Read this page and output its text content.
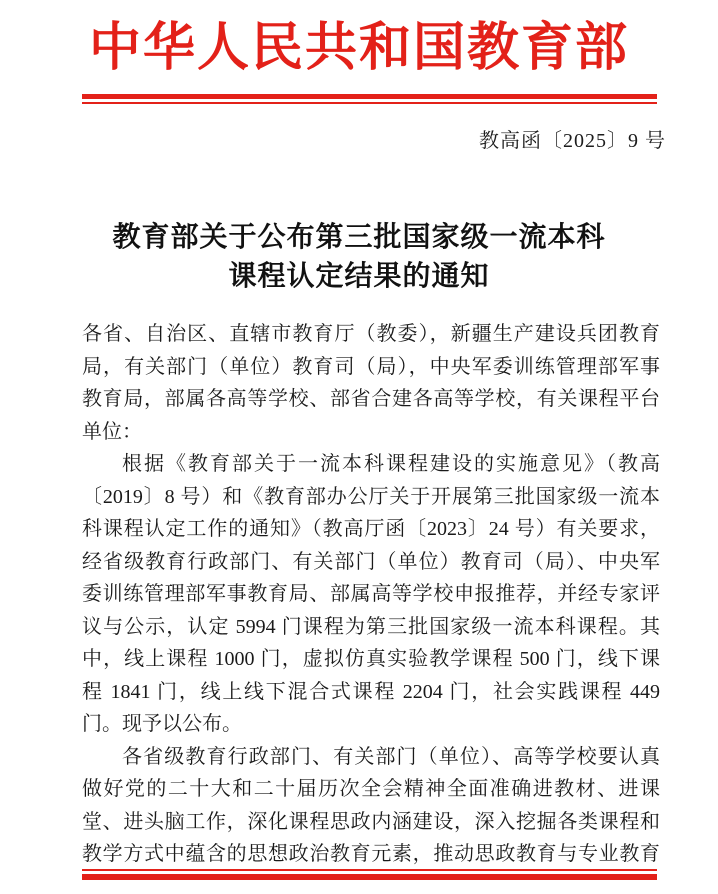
中华人民共和国教育部
教高函〔2025〕9 号
教育部关于公布第三批国家级一流本科
课程认定结果的通知
各省、自治区、直辖市教育厅（教委），新疆生产建设兵团教育
局，有关部门（单位）教育司（局），中央军委训练管理部军事
教育局，部属各高等学校、部省合建各高等学校，有关课程平台
单位：
根据《教育部关于一流本科课程建设的实施意见》（教高
〔2019〕8 号）和《教育部办公厅关于开展第三批国家级一流本
科课程认定工作的通知》（教高厅函〔2023〕24 号）有关要求，
经省级教育行政部门、有关部门（单位）教育司（局）、中央军
委训练管理部军事教育局、部属高等学校申报推荐，并经专家评
议与公示，认定 5994 门课程为第三批国家级一流本科课程。其
中，线上课程 1000 门，虚拟仿真实验教学课程 500 门，线下课
程 1841 门，线上线下混合式课程 2204 门，社会实践课程 449
门。现予以公布。
各省级教育行政部门、有关部门（单位）、高等学校要认真
做好党的二十大和二十届历次全会精神全面准确进教材、进课
堂、进头脑工作，深化课程思政内涵建设，深入挖掘各类课程和
教学方式中蕴含的思想政治教育元素，推动思政教育与专业教育
